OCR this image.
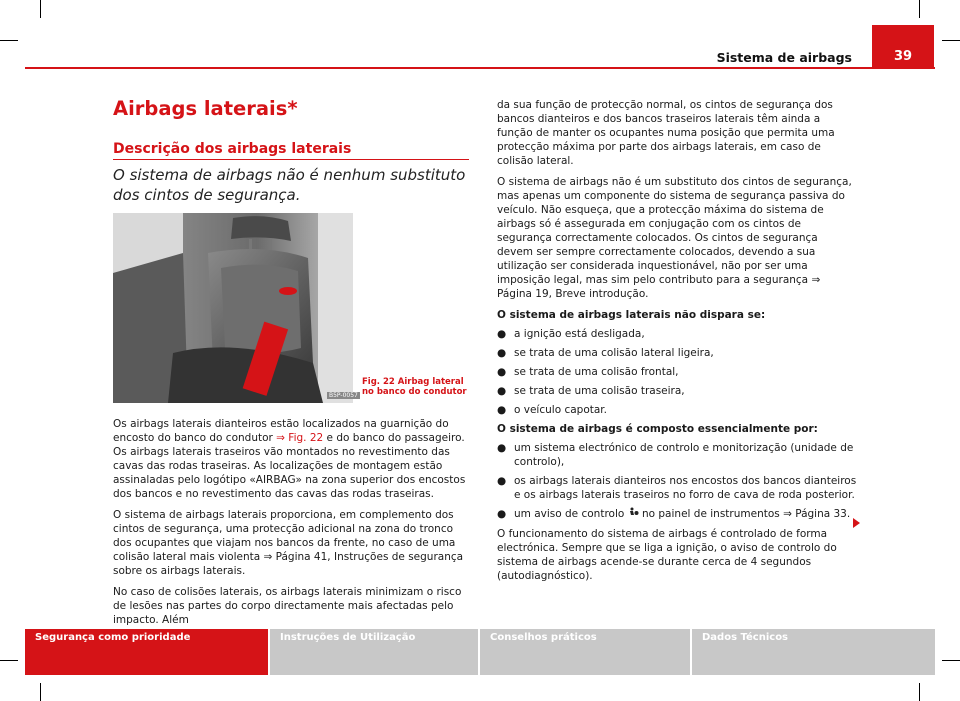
Sistema de airbags	39
Airbags laterais*
Descrição dos airbags laterais
O sistema de airbags não é nenhum substituto dos cintos de segurança.
B5P-0057
Fig. 22 Airbag lateral no banco do condutor

Os airbags laterais dianteiros estão localizados na guarnição do encosto do banco do condutor ⇒ Fig. 22 e do banco do passageiro. Os airbags laterais traseiros vão montados no revestimento das cavas das rodas traseiras. As localizações de montagem estão assinaladas pelo logótipo «AIRBAG» na zona superior dos encostos dos bancos e no revestimento das cavas das rodas traseiras.

O sistema de airbags laterais proporciona, em complemento dos cintos de segurança, uma protecção adicional na zona do tronco dos ocupantes que viajam nos bancos da frente, no caso de uma colisão lateral mais violenta ⇒ Página 41, Instruções de segurança sobre os airbags laterais.

No caso de colisões laterais, os airbags laterais minimizam o risco de lesões nas partes do corpo directamente mais afectadas pelo impacto. Além

da sua função de protecção normal, os cintos de segurança dos bancos dianteiros e dos bancos traseiros laterais têm ainda a função de manter os ocupantes numa posição que permita uma protecção máxima por parte dos airbags laterais, em caso de colisão lateral.

O sistema de airbags não é um substituto dos cintos de segurança, mas apenas um componente do sistema de segurança passiva do veículo. Não esqueça, que a protecção máxima do sistema de airbags só é assegurada em conjugação com os cintos de segurança correctamente colocados. Os cintos de segurança devem ser sempre correctamente colocados, devendo a sua utilização ser considerada inquestionável, não por ser uma imposição legal, mas sim pelo contributo para a segurança ⇒ Página 19, Breve introdução.

O sistema de airbags laterais não dispara se:

● a ignição está desligada,
● se trata de uma colisão lateral ligeira,
● se trata de uma colisão frontal,
● se trata de uma colisão traseira,
● o veículo capotar.

O sistema de airbags é composto essencialmente por:

● um sistema electrónico de controlo e monitorização (unidade de controlo),
● os airbags laterais dianteiros nos encostos dos bancos dianteiros e os airbags laterais traseiros no forro de cava de roda posterior.
● um aviso de controlo  no painel de instrumentos ⇒ Página 33.

O funcionamento do sistema de airbags é controlado de forma electrónica. Sempre que se liga a ignição, o aviso de controlo do sistema de airbags acende-se durante cerca de 4 segundos (autodiagnóstico).

Segurança como prioridade	Instruções de Utilização	Conselhos práticos	Dados Técnicos
